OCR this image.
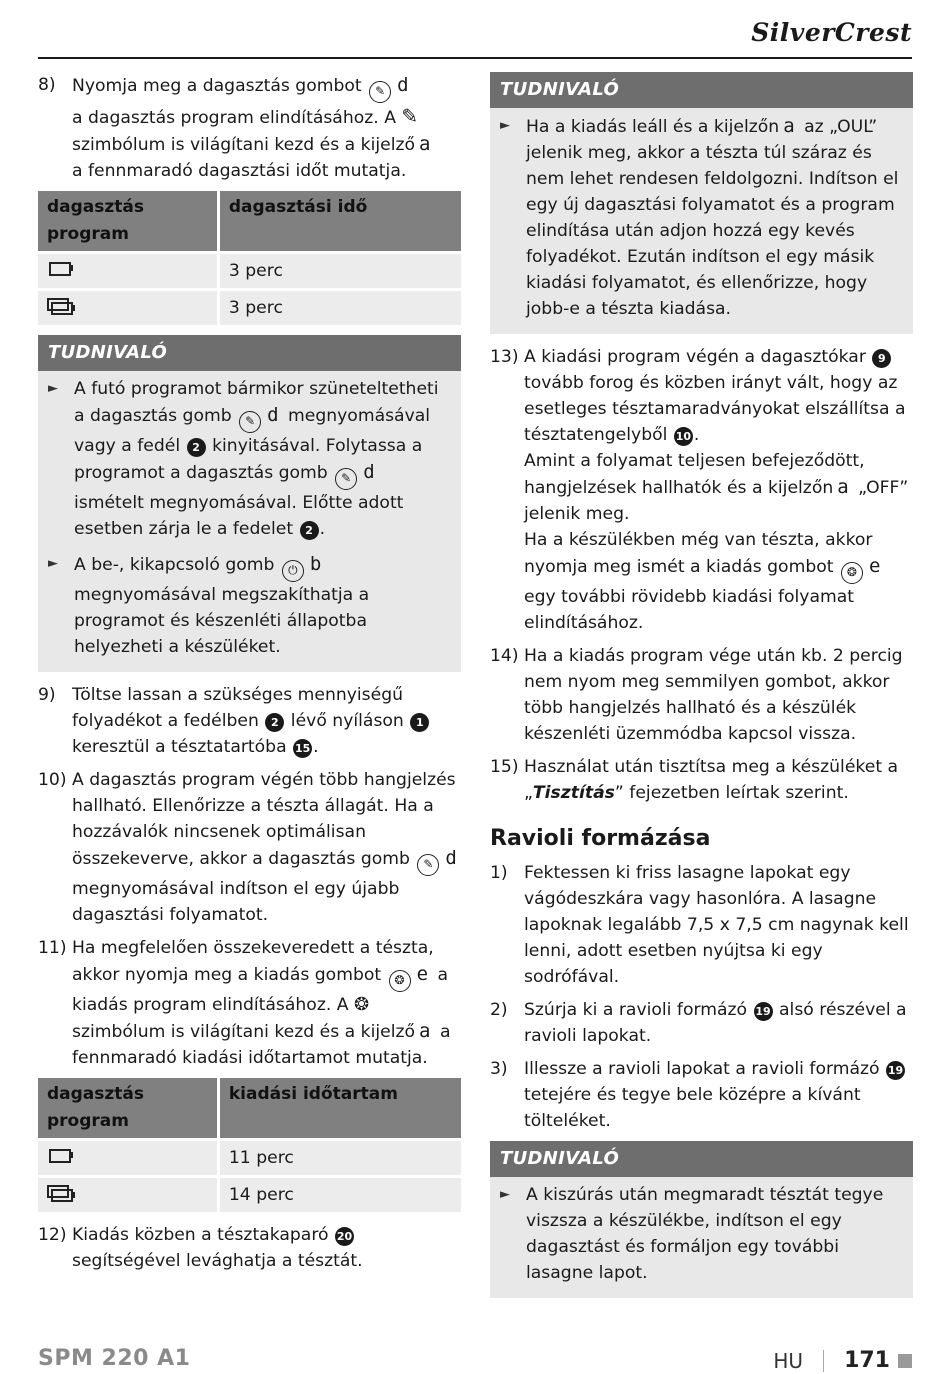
SilverCrest
8) Nyomja meg a dagasztás gombot ✎ d
a dagasztás program elindításához. A ✎
szimbólum is világítani kezd és a kijelző a
a fennmaradó dagasztási időt mutatja.
dagasztás program	dagasztási idő
	3 perc
	3 perc
TUDNIVALÓ
► A futó programot bármikor szüneteltetheti a dagasztás gomb ✎ d megnyomásával vagy a fedél 2 kinyitásával. Folytassa a programot a dagasztás gomb ✎ d ismételt megnyomásával. Előtte adott esetben zárja le a fedelet 2 .
► A be-, kikapcsoló gomb ⏻ b megnyomásával megszakíthatja a programot és készenléti állapotba helyezheti a készüléket.
9) Töltse lassan a szükséges mennyiségű folyadékot a fedélben 2 lévő nyíláson 1 keresztül a tésztatartóba 15 .
10) A dagasztás program végén több hangjelzés hallható. Ellenőrizze a tészta állagát. Ha a hozzávalók nincsenek optimálisan összekeverve, akkor a dagasztás gomb ✎ d megnyomásával indítson el egy újabb dagasztási folyamatot.
11) Ha megfelelően összekeveredett a tészta, akkor nyomja meg a kiadás gombot ❂ e a kiadás program elindításához. A ❂ szimbólum is világítani kezd és a kijelző a a fennmaradó kiadási időtartamot mutatja.
dagasztás program	kiadási időtartam
	11 perc
	14 perc
12) Kiadás közben a tésztakaparó 20 segítségével levághatja a tésztát.
TUDNIVALÓ
► Ha a kiadás leáll és a kijelzőn a az „OUL” jelenik meg, akkor a tészta túl száraz és nem lehet rendesen feldolgozni. Indítson el egy új dagasztási folyamatot és a program elindítása után adjon hozzá egy kevés folyadékot. Ezután indítson el egy másik kiadási folyamatot, és ellenőrizze, hogy jobb-e a tészta kiadása.
13) A kiadási program végén a dagasztókar 9 tovább forog és közben irányt vált, hogy az esetleges tésztamaradványokat elszállítsa a tésztatengelyből 10 .

Amint a folyamat teljesen befejeződött, hangjelzések hallhatók és a kijelzőn a „OFF” jelenik meg.

Ha a készülékben még van tészta, akkor nyomja meg ismét a kiadás gombot ❂ e egy további rövidebb kiadási folyamat elindításához.

14) Ha a kiadás program vége után kb. 2 percig nem nyom meg semmilyen gombot, akkor több hangjelzés hallható és a készülék készenléti üzemmódba kapcsol vissza.
15) Használat után tisztítsa meg a készüléket a „Tisztítás” fejezetben leírtak szerint.
Ravioli formázása
1) Fektessen ki friss lasagne lapokat egy vágódeszkára vagy hasonlóra. A lasagne lapoknak legalább 7,5 x 7,5 cm nagynak kell lenni, adott esetben nyújtsa ki egy sodrófával.
2) Szúrja ki a ravioli formázó 19 alsó részével a ravioli lapokat.
3) Illessze a ravioli lapokat a ravioli formázó 19 tetejére és tegye bele középre a kívánt tölteléket.
TUDNIVALÓ
► A kiszúrás után megmaradt tésztát tegye viszsza a készülékbe, indítson el egy dagasztást és formáljon egy további lasagne lapot.
SPM 220 A1	HU 171
